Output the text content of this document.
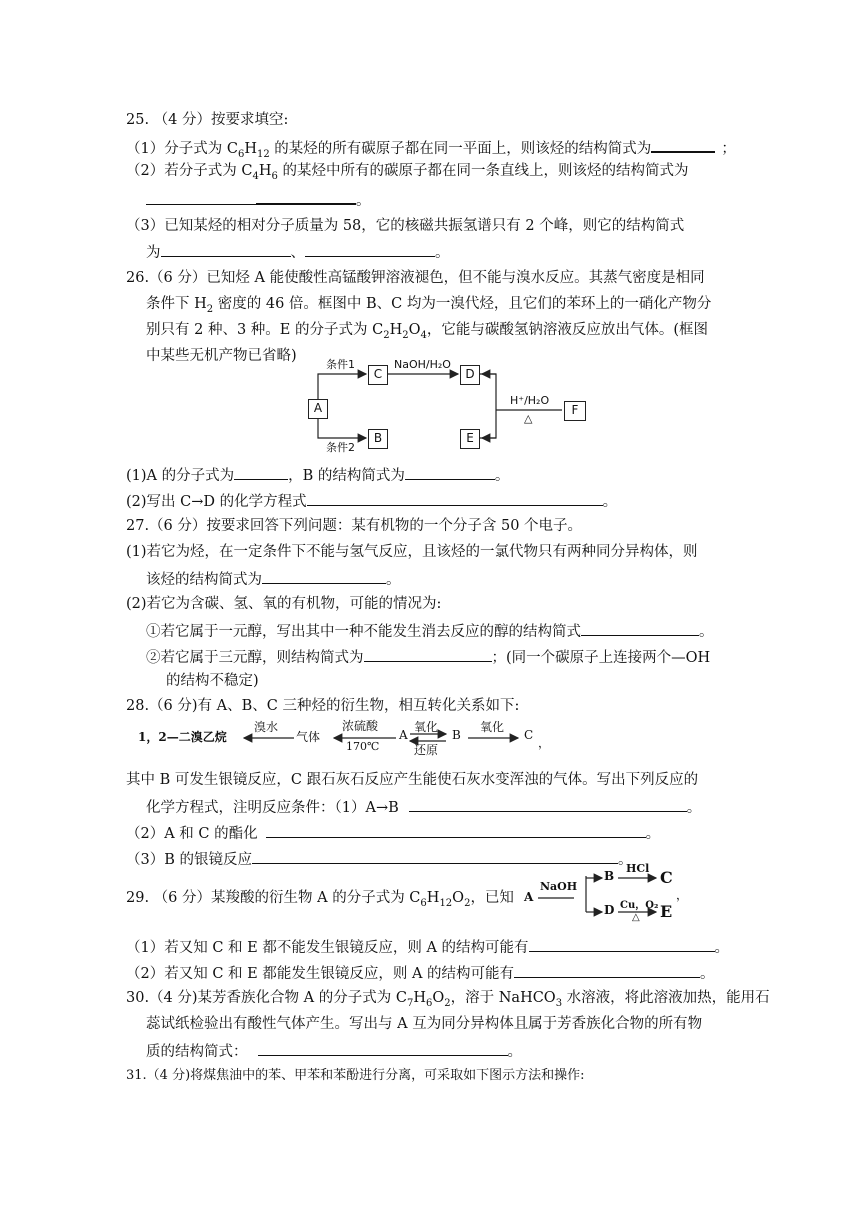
25. （4 分）按要求填空:
（1）分子式为 $C_6H_{12}$ 的某烃的所有碳原子都在同一平面上，则该烃的结构简式为	；
（2）若分子式为 $C_4H_6$ 的某烃中所有的碳原子都在同一条直线上，则该烃的结构简式为
。
（3）已知某烃的相对分子质量为 58，它的核磁共振氢谱只有 2 个峰，则它的结构简式
为	、	。
26.（6 分）已知烃 A 能使酸性高锰酸钾溶液褪色，但不能与溴水反应。其蒸气密度是相同
条件下 $H_2$ 密度的 46 倍。框图中 B、C 均为一溴代烃，且它们的苯环上的一硝化产物分
别只有 2 种、3 种。E 的分子式为 $C_2H_2O_4$，它能与碳酸氢钠溶液反应放出气体。(框图
中某些无机产物已省略)
A
C
B
D
E
F
条件1
条件2
NaOH/H₂O
H⁺/H₂O
△
(1)A 的分子式为	，B 的结构简式为	。
(2)写出 C→D 的化学方程式	。
27.（6 分）按要求回答下列问题：某有机物的一个分子含 50 个电子。
(1)若它为烃，在一定条件下不能与氢气反应，且该烃的一氯代物只有两种同分异构体，则
该烃的结构简式为	。
(2)若它为含碳、氢、氧的有机物，可能的情况为:
①若它属于一元醇，写出其中一种不能发生消去反应的醇的结构简式	。
②若它属于三元醇，则结构简式为	；(同一个碳原子上连接两个—OH
的结构不稳定)
28.（6 分)有 A、B、C 三种烃的衍生物，相互转化关系如下:
1，2—二溴乙烷
溴水
气体
浓硫酸
170℃
A
氧化
还原
B
氧化
C
，
其中 B 可发生银镜反应，C 跟石灰石反应产生能使石灰水变浑浊的气体。写出下列反应的
化学方程式，注明反应条件：（1）A→B	。
（2）A 和 C 的酯化	。
（3）B 的银镜反应	。
29. （6 分）某羧酸的衍生物 A 的分子式为 $C_6H_{12}O_2$，已知 A
NaOH
B
HCl C
D Cu，O₂
△ E
，
（1）若又知 C 和 E 都不能发生银镜反应，则 A 的结构可能有	。
（2）若又知 C 和 E 都能发生银镜反应，则 A 的结构可能有	。
30.（4 分)某芳香族化合物 A 的分子式为 $C_7H_6O_2$，溶于 NaHCO$_3$ 水溶液，将此溶液加热，能用石
蕊试纸检验出有酸性气体产生。写出与 A 互为同分异构体且属于芳香族化合物的所有物
质的结构简式：	。
31.（4 分)将煤焦油中的苯、甲苯和苯酚进行分离，可采取如下图示方法和操作:
